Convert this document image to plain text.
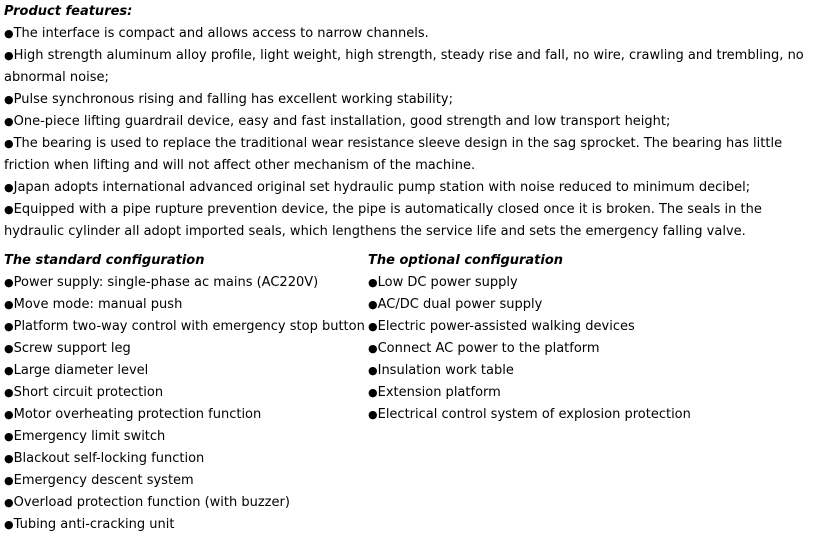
Product features:
●The interface is compact and allows access to narrow channels.
●High strength aluminum alloy profile, light weight, high strength, steady rise and fall, no wire, crawling and trembling, no abnormal noise;
●Pulse synchronous rising and falling has excellent working stability;
●One-piece lifting guardrail device, easy and fast installation, good strength and low transport height;
●The bearing is used to replace the traditional wear resistance sleeve design in the sag sprocket. The bearing has little friction when lifting and will not affect other mechanism of the machine.
●Japan adopts international advanced original set hydraulic pump station with noise reduced to minimum decibel;
●Equipped with a pipe rupture prevention device, the pipe is automatically closed once it is broken. The seals in the hydraulic cylinder all adopt imported seals, which lengthens the service life and sets the emergency falling valve.
The standard configuration
●Power supply: single-phase ac mains (AC220V)
●Move mode: manual push
●Platform two-way control with emergency stop button
●Screw support leg
●Large diameter level
●Short circuit protection
●Motor overheating protection function
●Emergency limit switch
●Blackout self-locking function
●Emergency descent system
●Overload protection function (with buzzer)
●Tubing anti-cracking unit
The optional configuration
●Low DC power supply
●AC/DC dual power supply
●Electric power-assisted walking devices
●Connect AC power to the platform
●Insulation work table
●Extension platform
●Electrical control system of explosion protection
